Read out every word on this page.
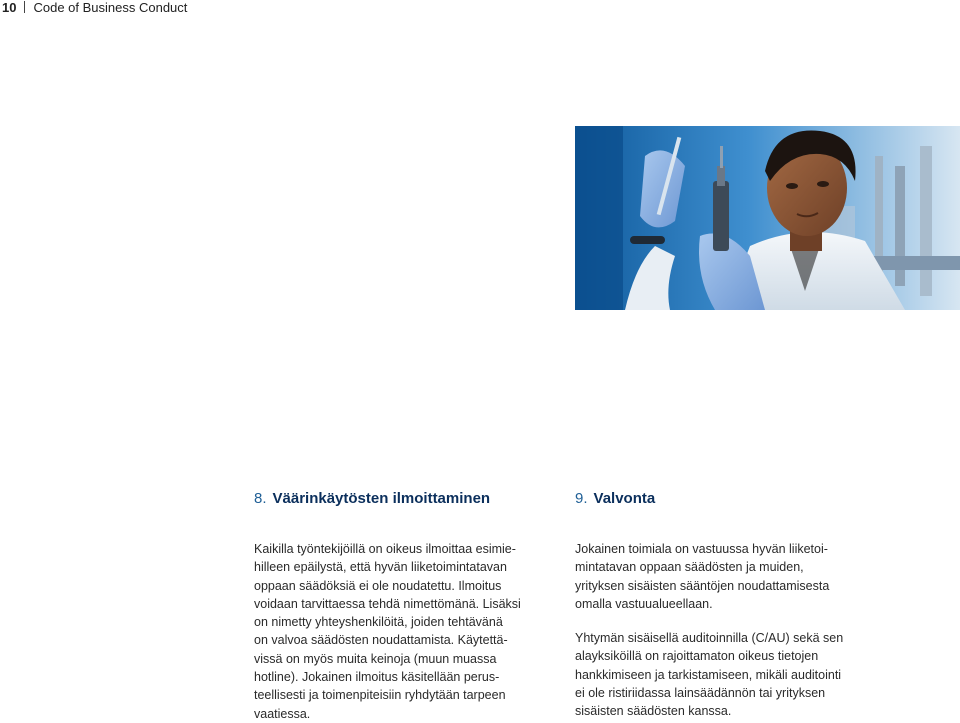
10 Code of Business Conduct
8. Väärinkäytösten ilmoittaminen

Kaikilla työntekijöillä on oikeus ilmoittaa esimie-
hilleen epäilystä, että hyvän liiketoimintatavan
oppaan säädöksiä ei ole noudatettu. Ilmoitus
voidaan tarvittaessa tehdä nimettömänä. Lisäksi
on nimetty yhteyshenkilöitä, joiden tehtävänä
on valvoa säädösten noudattamista. Käytettä-
vissä on myös muita keinoja (muun muassa
hotline). Jokainen ilmoitus käsitellään perus-
teellisesti ja toimenpiteisiin ryhdytään tarpeen
vaatiessa.

9. Valvonta

Jokainen toimiala on vastuussa hyvän liiketoi-
mintatavan oppaan säädösten ja muiden,
yrityksen sisäisten sääntöjen noudattamisesta
omalla vastuualueellaan.

Yhtymän sisäisellä auditoinnilla (C/AU) sekä sen
alayksiköillä on rajoittamaton oikeus tietojen
hankkimiseen ja tarkistamiseen, mikäli auditointi
ei ole ristiriidassa lainsäädännön tai yrityksen
sisäisten säädösten kanssa.
